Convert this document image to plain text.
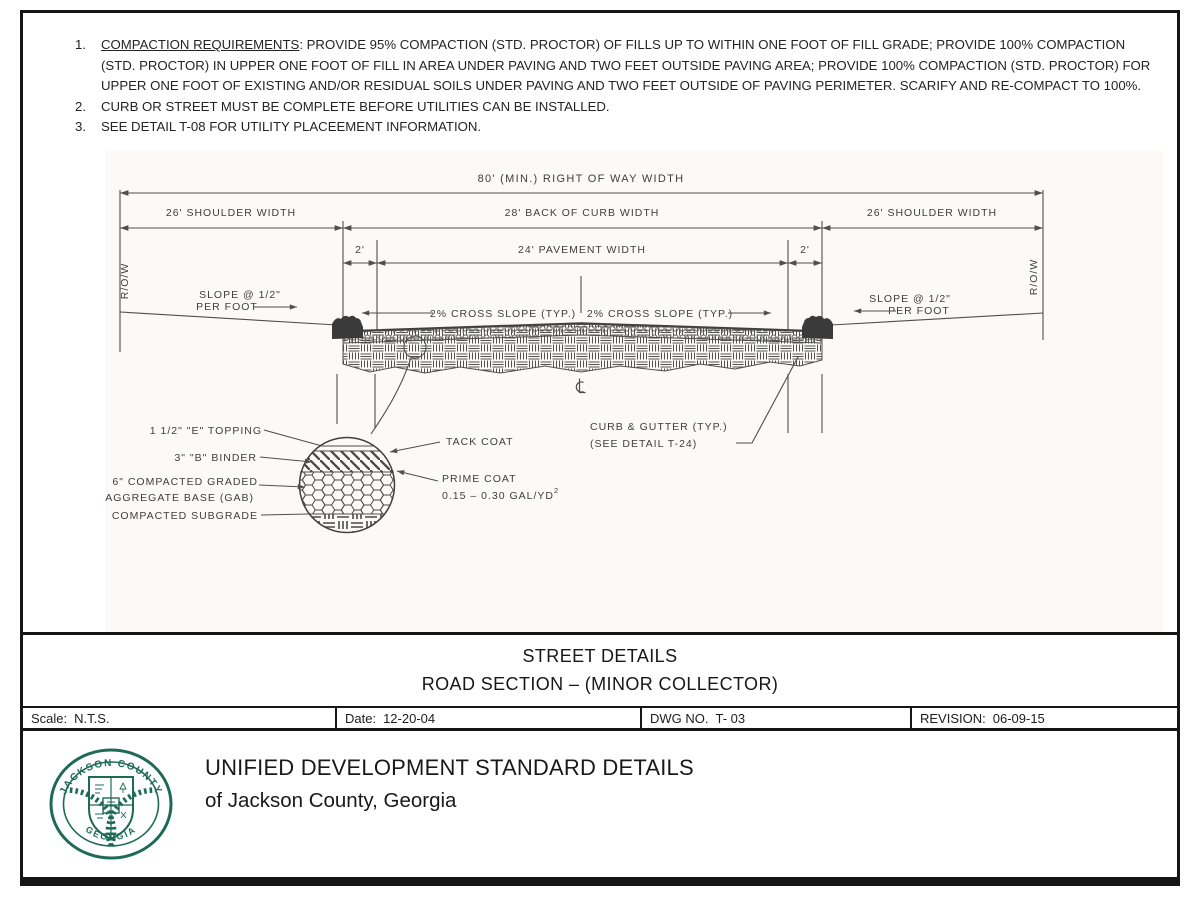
1.	COMPACTION REQUIREMENTS: PROVIDE 95% COMPACTION (STD. PROCTOR) OF FILLS UP TO WITHIN ONE FOOT OF FILL GRADE; PROVIDE 100% COMPACTION (STD. PROCTOR) IN UPPER ONE FOOT OF FILL IN AREA UNDER PAVING AND TWO FEET OUTSIDE PAVING AREA; PROVIDE 100% COMPACTION (STD. PROCTOR) FOR UPPER ONE FOOT OF EXISTING AND/OR RESIDUAL SOILS UNDER PAVING AND TWO FEET OUTSIDE OF PAVING PERIMETER. SCARIFY AND RE-COMPACT TO 100%.
2.	CURB OR STREET MUST BE COMPLETE BEFORE UTILITIES CAN BE INSTALLED.
3.	SEE DETAIL T-08 FOR UTILITY PLACEEMENT INFORMATION.
80' (MIN.) RIGHT OF WAY WIDTH
26' SHOULDER WIDTH	28' BACK OF CURB WIDTH	26' SHOULDER WIDTH
2'	24' PAVEMENT WIDTH	2'
R/O/W	R/O/W
SLOPE @ 1/2"
PER FOOT
SLOPE @ 1/2"
PER FOOT
2% CROSS SLOPE (TYP.) 2% CROSS SLOPE (TYP.)
CURB & GUTTER (TYP.)
(SEE DETAIL T-24)
1 1/2" "E" TOPPING
3" "B" BINDER
6" COMPACTED GRADED
AGGREGATE BASE (GAB)
COMPACTED SUBGRADE
TACK COAT
PRIME COAT
0.15 – 0.30 GAL/$YD^2$
STREET DETAILS
ROAD SECTION – (MINOR COLLECTOR)
Scale: N.T.S.	Date: 12-20-04	DWG NO. T- 03	REVISION: 06-09-15
JACKSON COUNTY
GEORGIA
UNIFIED DEVELOPMENT STANDARD DETAILS
of Jackson County, Georgia
